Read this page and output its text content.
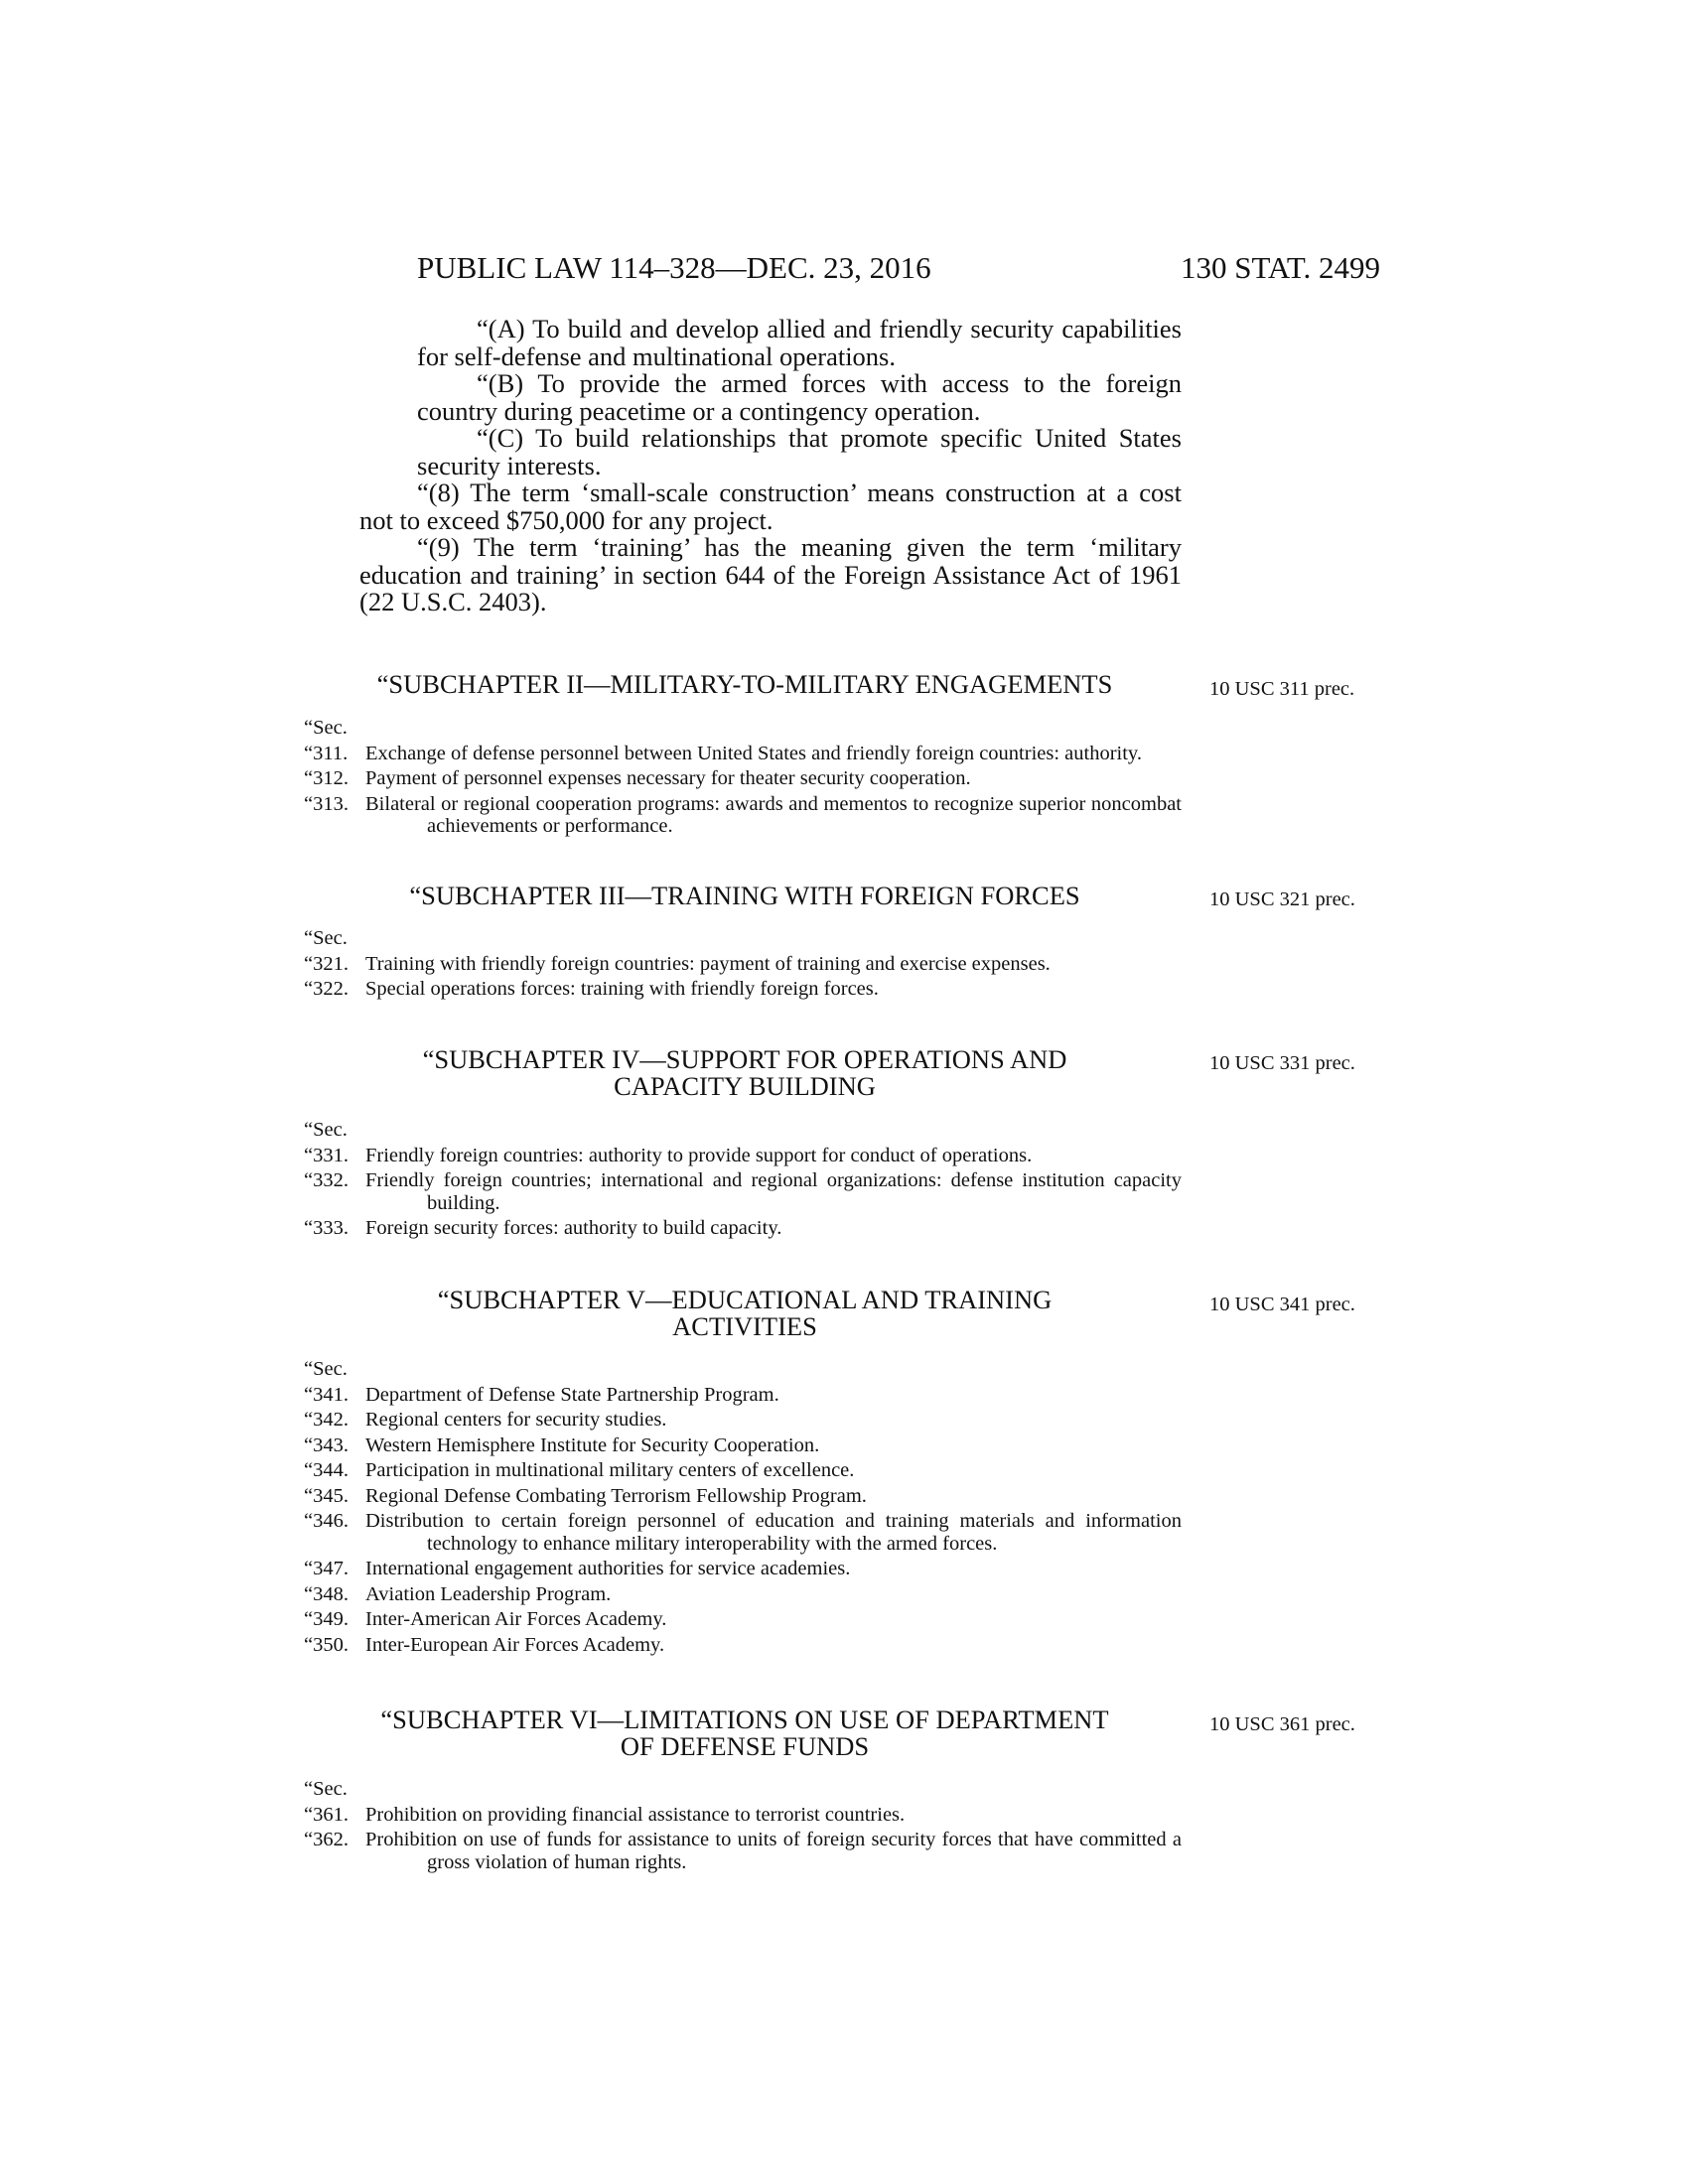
PUBLIC LAW 114–328—DEC. 23, 2016	130 STAT. 2499

“(A) To build and develop allied and friendly security capabilities for self-defense and multinational operations.

“(B) To provide the armed forces with access to the foreign country during peacetime or a contingency operation.

“(C) To build relationships that promote specific United States security interests.

“(8) The term ‘small-scale construction’ means construction at a cost not to exceed $750,000 for any project.

“(9) The term ‘training’ has the meaning given the term ‘military education and training’ in section 644 of the Foreign Assistance Act of 1961 (22 U.S.C. 2403).

“SUBCHAPTER II—MILITARY-TO-MILITARY ENGAGEMENTS	10 USC 311 prec.
“Sec.
“311. Exchange of defense personnel between United States and friendly foreign countries: authority.
“312. Payment of personnel expenses necessary for theater security cooperation.
“313. Bilateral or regional cooperation programs: awards and mementos to recognize superior noncombat achievements or performance.
“SUBCHAPTER III—TRAINING WITH FOREIGN FORCES	10 USC 321 prec.
“Sec.
“321. Training with friendly foreign countries: payment of training and exercise expenses.
“322. Special operations forces: training with friendly foreign forces.
“SUBCHAPTER IV—SUPPORT FOR OPERATIONS AND
CAPACITY BUILDING
10 USC 331 prec.
“Sec.
“331. Friendly foreign countries: authority to provide support for conduct of operations.
“332. Friendly foreign countries; international and regional organizations: defense institution capacity building.
“333. Foreign security forces: authority to build capacity.
“SUBCHAPTER V—EDUCATIONAL AND TRAINING
ACTIVITIES
10 USC 341 prec.
“Sec.
“341. Department of Defense State Partnership Program.
“342. Regional centers for security studies.
“343. Western Hemisphere Institute for Security Cooperation.
“344. Participation in multinational military centers of excellence.
“345. Regional Defense Combating Terrorism Fellowship Program.
“346. Distribution to certain foreign personnel of education and training materials and information technology to enhance military interoperability with the armed forces.
“347. International engagement authorities for service academies.
“348. Aviation Leadership Program.
“349. Inter-American Air Forces Academy.
“350. Inter-European Air Forces Academy.
“SUBCHAPTER VI—LIMITATIONS ON USE OF DEPARTMENT
OF DEFENSE FUNDS
10 USC 361 prec.
“Sec.
“361. Prohibition on providing financial assistance to terrorist countries.
“362. Prohibition on use of funds for assistance to units of foreign security forces that have committed a gross violation of human rights.
